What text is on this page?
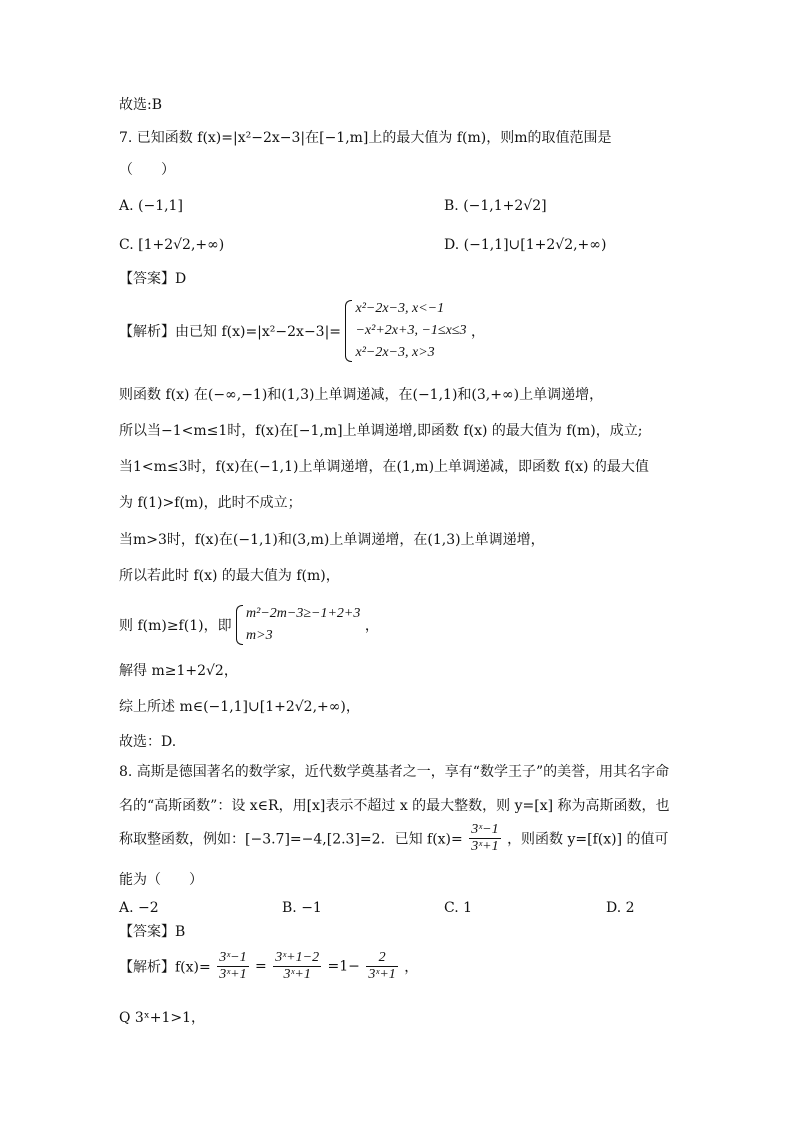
故选:B
7. 已知函数 f(x)=|x²−2x−3|在[−1,m]上的最大值为 f(m)，则m的取值范围是
（　　）
A. (−1,1]	B. (−1,1+2√2]
C. [1+2√2,+∞)	D. (−1,1]∪[1+2√2,+∞)
【答案】D
【解析】由已知 f(x)=|x²−2x−3|=
x²−2x−3, x<−1
−x²+2x+3, −1≤x≤3
x²−2x−3, x>3
，
则函数 f(x) 在(−∞,−1)和(1,3)上单调递减，在(−1,1)和(3,+∞)上单调递增，
所以当−1<m≤1时，f(x)在[−1,m]上单调递增,即函数 f(x) 的最大值为 f(m)，成立;
当1<m≤3时，f(x)在(−1,1)上单调递增，在(1,m)上单调递减，即函数 f(x) 的最大值
为 f(1)>f(m)，此时不成立；
当m>3时，f(x)在(−1,1)和(3,m)上单调递增，在(1,3)上单调递增，
所以若此时 f(x) 的最大值为 f(m)，
则 f(m)≥f(1)，即
m²−2m−3≥−1+2+3
m>3
，
解得 m≥1+2√2，
综上所述 m∈(−1,1]∪[1+2√2,+∞)，
故选：D.
8. 高斯是德国著名的数学家，近代数学奠基者之一，享有“数学王子”的美誉，用其名字命
名的“高斯函数”：设 x∈R，用[x]表示不超过 x 的最大整数，则 y=[x] 称为高斯函数，也
称取整函数，例如：[−3.7]=−4,[2.3]=2．已知 $f(x)= \frac{\text{3ˣ−1}}{\text{3ˣ+1}}$ ，则函数 y=[f(x)] 的值可
能为（　　）
A. −2	B. −1	C. 1	D. 2
【答案】B
【解析】$f(x)= \frac{\text{3ˣ−1}}{\text{3ˣ+1}} = \frac{\text{3ˣ+1−2}}{\text{3ˣ+1}} =1- \frac{2}{\text{3ˣ+1}}$ ，
Q 3ˣ+1>1，
